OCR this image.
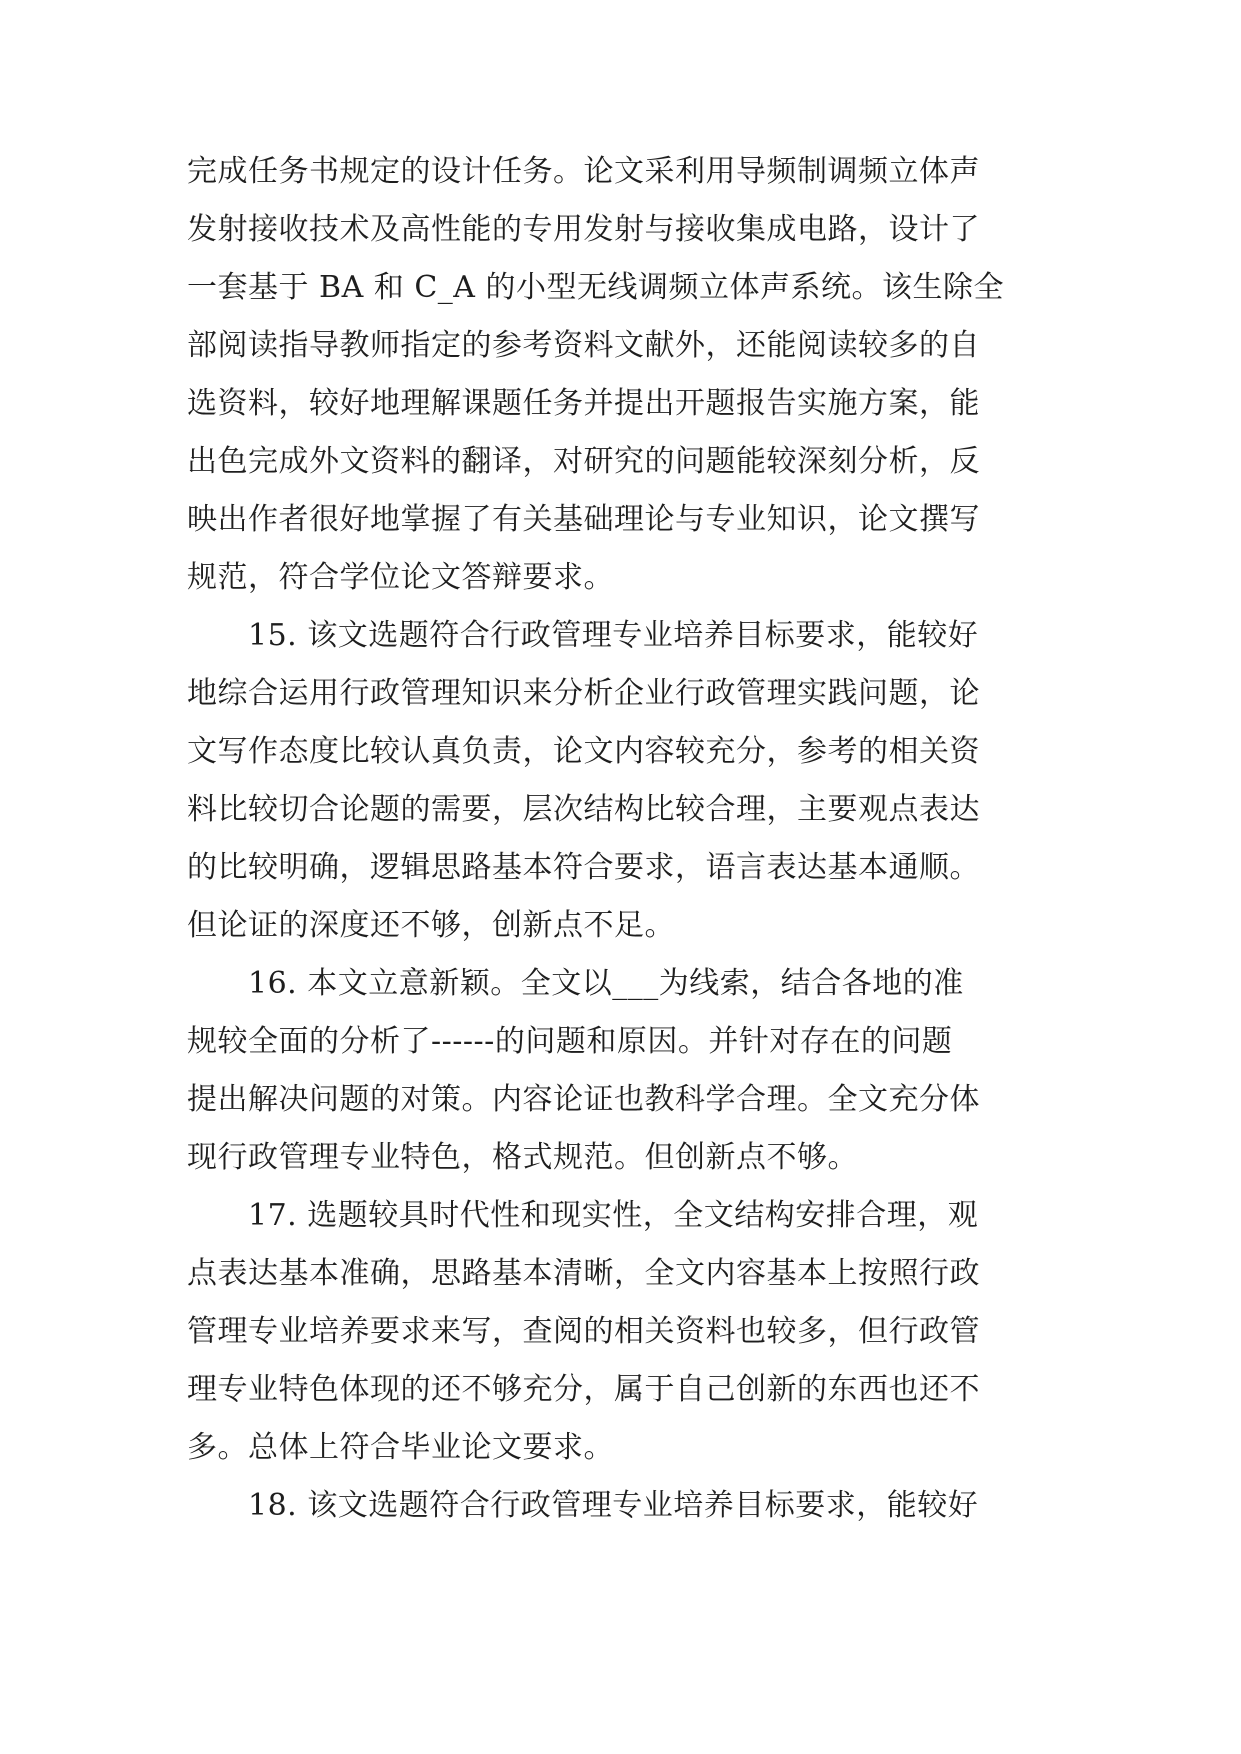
完成任务书规定的设计任务。论文采利用导频制调频立体声
发射接收技术及高性能的专用发射与接收集成电路，设计了
一套基于 BA 和 C_A 的小型无线调频立体声系统。该生除全
部阅读指导教师指定的参考资料文献外，还能阅读较多的自
选资料，较好地理解课题任务并提出开题报告实施方案，能
出色完成外文资料的翻译，对研究的问题能较深刻分析，反
映出作者很好地掌握了有关基础理论与专业知识，论文撰写
规范，符合学位论文答辩要求。
15. 该文选题符合行政管理专业培养目标要求，能较好
地综合运用行政管理知识来分析企业行政管理实践问题，论
文写作态度比较认真负责，论文内容较充分，参考的相关资
料比较切合论题的需要，层次结构比较合理，主要观点表达
的比较明确，逻辑思路基本符合要求，语言表达基本通顺。
但论证的深度还不够，创新点不足。
16. 本文立意新颖。全文以___为线索，结合各地的准
规较全面的分析了------的问题和原因。并针对存在的问题
提出解决问题的对策。内容论证也教科学合理。全文充分体
现行政管理专业特色，格式规范。但创新点不够。
17. 选题较具时代性和现实性，全文结构安排合理，观
点表达基本准确，思路基本清晰，全文内容基本上按照行政
管理专业培养要求来写，查阅的相关资料也较多，但行政管
理专业特色体现的还不够充分，属于自己创新的东西也还不
多。总体上符合毕业论文要求。
18. 该文选题符合行政管理专业培养目标要求，能较好
